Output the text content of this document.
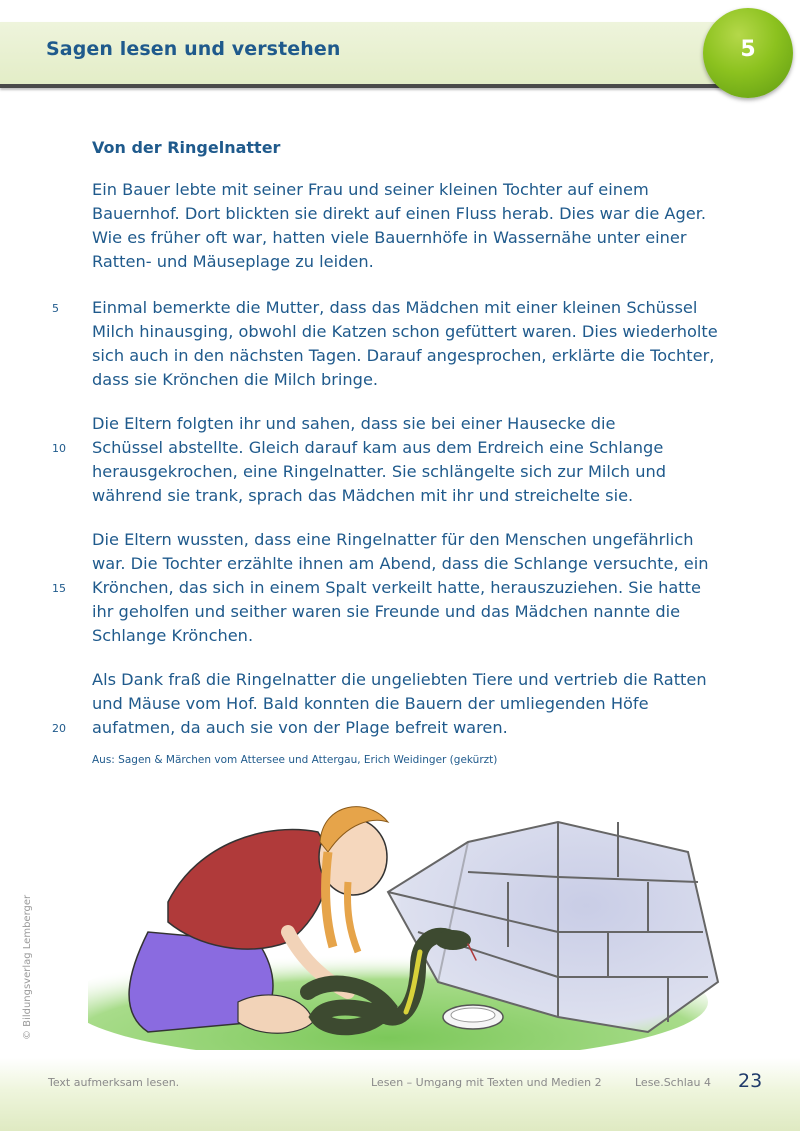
Sagen lesen und verstehen	5
Von der Ringelnatter
Ein Bauer lebte mit seiner Frau und seiner kleinen Tochter auf einem
Bauernhof. Dort blickten sie direkt auf einen Fluss herab. Dies war die Ager.
Wie es früher oft war, hatten viele Bauernhöfe in Wassernähe unter einer
Ratten- und Mäuseplage zu leiden.
5 Einmal bemerkte die Mutter, dass das Mädchen mit einer kleinen Schüssel
Milch hinausging, obwohl die Katzen schon gefüttert waren. Dies wiederholte
sich auch in den nächsten Tagen. Darauf angesprochen, erklärte die Tochter,
dass sie Krönchen die Milch bringe.
Die Eltern folgten ihr und sahen, dass sie bei einer Hausecke die
10 Schüssel abstellte. Gleich darauf kam aus dem Erdreich eine Schlange
herausgekrochen, eine Ringelnatter. Sie schlängelte sich zur Milch und
während sie trank, sprach das Mädchen mit ihr und streichelte sie.
Die Eltern wussten, dass eine Ringelnatter für den Menschen ungefährlich
war. Die Tochter erzählte ihnen am Abend, dass die Schlange versuchte, ein
15 Krönchen, das sich in einem Spalt verkeilt hatte, herauszuziehen. Sie hatte
ihr geholfen und seither waren sie Freunde und das Mädchen nannte die
Schlange Krönchen.
Als Dank fraß die Ringelnatter die ungeliebten Tiere und vertrieb die Ratten
und Mäuse vom Hof. Bald konnten die Bauern der umliegenden Höfe
20 aufatmen, da auch sie von der Plage befreit waren.
Aus: Sagen & Märchen vom Attersee und Attergau, Erich Weidinger (gekürzt)
© Bildungsverlag Lemberger
Text aufmerksam lesen.	Lesen – Umgang mit Texten und Medien 2	Lese.Schlau 4 23
